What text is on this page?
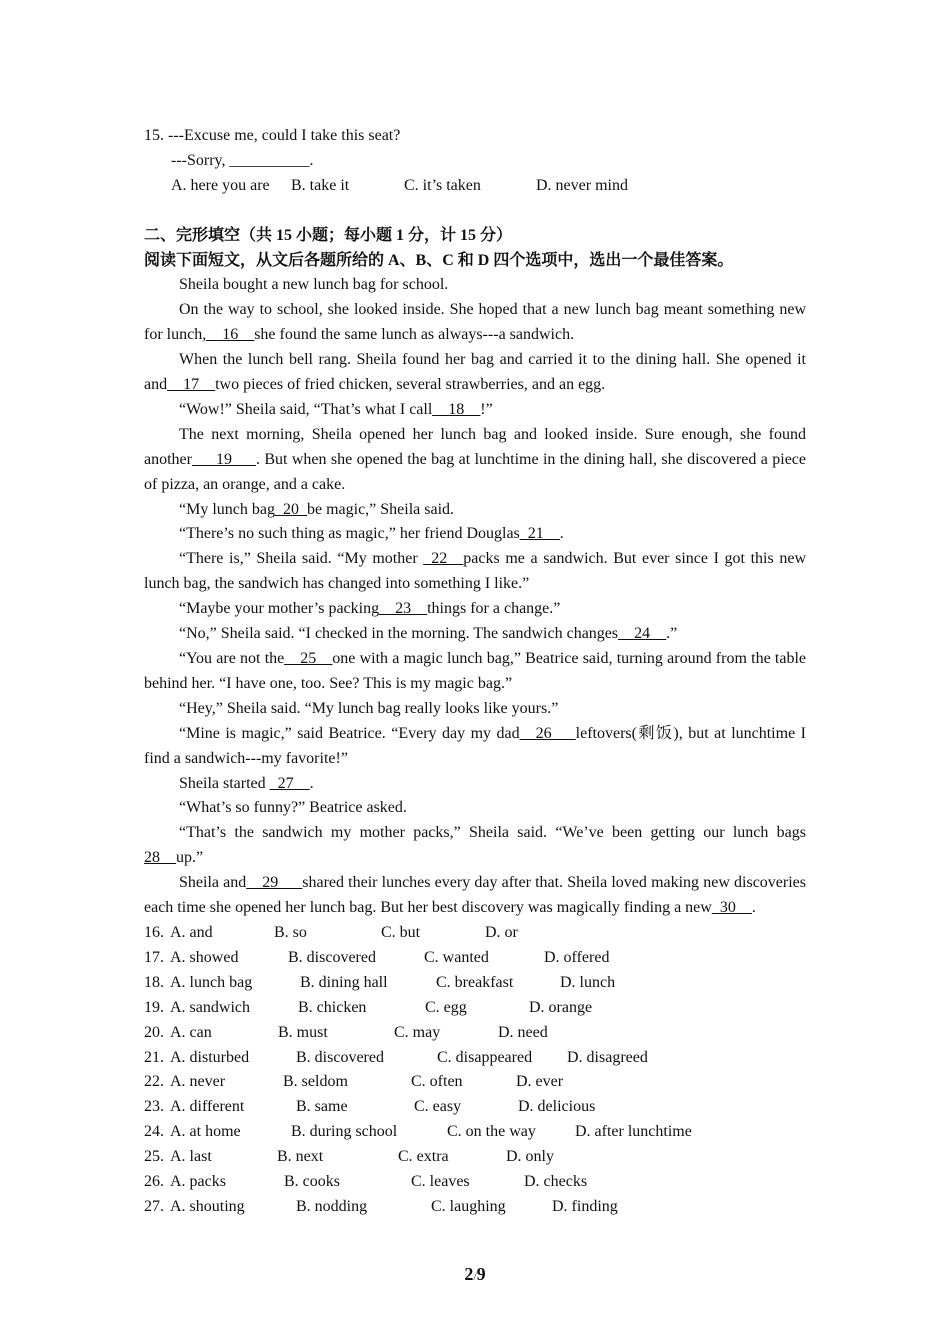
15. ---Excuse me, could I take this seat?
---Sorry, __________.
A. here you are B. take it	C. it’s taken	D. never mind
二、完形填空（共 15 小题；每小题 1 分，计 15 分）
阅读下面短文，从文后各题所给的 A、B、C 和 D 四个选项中，选出一个最佳答案。
Sheila bought a new lunch bag for school.
On the way to school, she looked inside. She hoped that a new lunch bag meant something new for lunch,__16__she found the same lunch as always---a sandwich.
When the lunch bell rang. Sheila found her bag and carried it to the dining hall. She opened it and__17__two pieces of fried chicken, several strawberries, and an egg.
“Wow!” Sheila said, “That’s what I call__18__!”
The next morning, Sheila opened her lunch bag and looked inside. Sure enough, she found another___19___. But when she opened the bag at lunchtime in the dining hall, she discovered a piece of pizza, an orange, and a cake.
“My lunch bag_20_be magic,” Sheila said.
“There’s no such thing as magic,” her friend Douglas_21__.
“There is,” Sheila said. “My mother _22__packs me a sandwich. But ever since I got this new lunch bag, the sandwich has changed into something I like.”
“Maybe your mother’s packing__23__things for a change.”
“No,” Sheila said. “I checked in the morning. The sandwich changes__24__.”
“You are not the__25__one with a magic lunch bag,” Beatrice said, turning around from the table behind her. “I have one, too. See? This is my magic bag.”
“Hey,” Sheila said. “My lunch bag really looks like yours.”
“Mine is magic,” said Beatrice. “Every day my dad__26___leftovers(剩饭), but at lunchtime I find a sandwich---my favorite!”
Sheila started _27__.
“What’s so funny?” Beatrice asked.
“That’s the sandwich my mother packs,” Sheila said. “We’ve been getting our lunch bags 28__up.”
Sheila and__29___shared their lunches every day after that. Sheila loved making new discoveries each time she opened her lunch bag. But her best discovery was magically finding a new_30__.
16. A. and	B. so	C. but	D. or
17. A. showed	B. discovered	C. wanted	D. offered
18. A. lunch bag	B. dining hall	C. breakfast	D. lunch
19. A. sandwich	B. chicken	C. egg	D. orange
20. A. can	B. must	C. may	D. need
21. A. disturbed	B. discovered	C. disappeared D. disagreed
22. A. never	B. seldom	C. often	D. ever
23. A. different	B. same	C. easy	D. delicious
24. A. at home	B. during school	C. on the way D. after lunchtime
25. A. last	B. next	C. extra	D. only
26. A. packs	B. cooks	C. leaves	D. checks
27. A. shouting	B. nodding	C. laughing	D. finding
2/9
